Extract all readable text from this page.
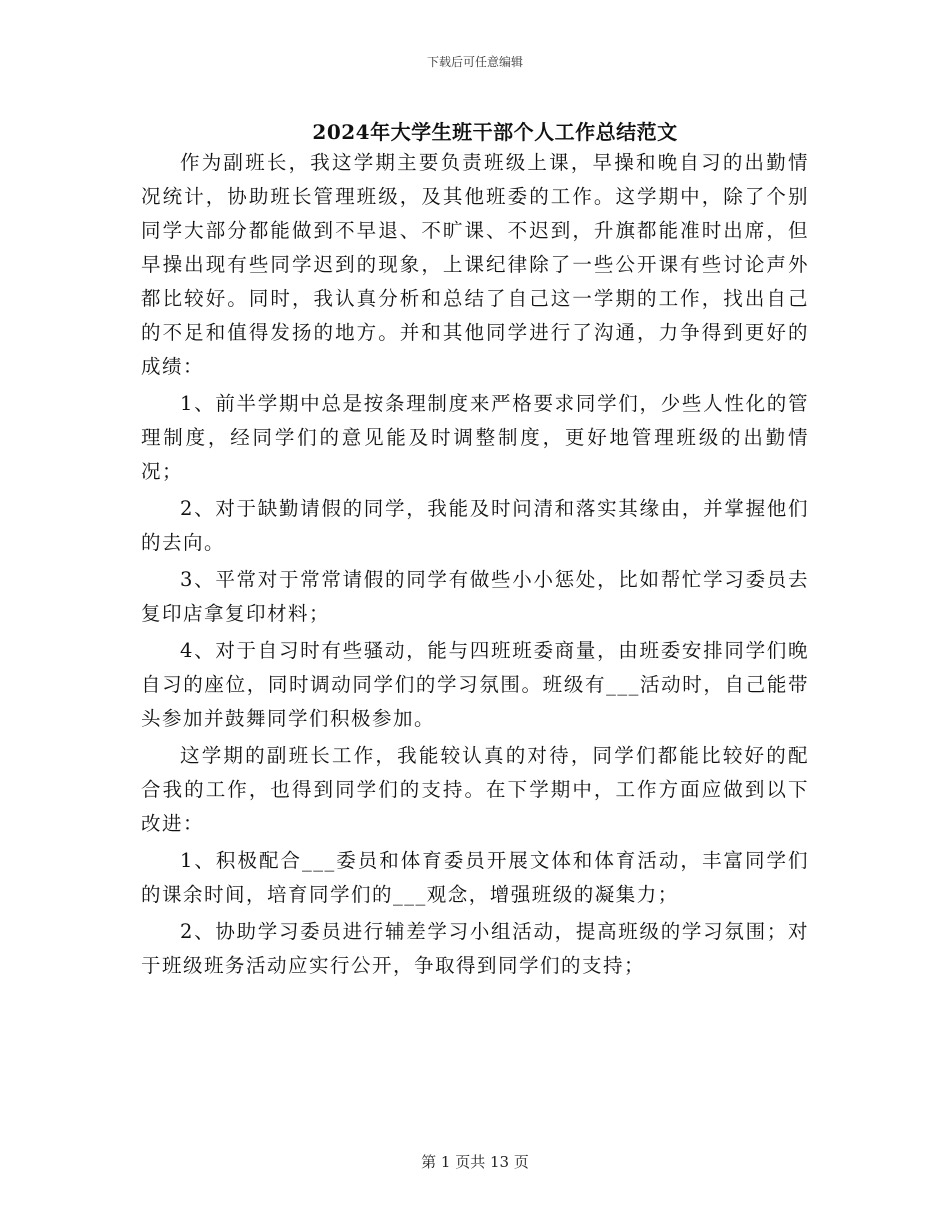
下载后可任意编辑
2024年大学生班干部个人工作总结范文

作为副班长，我这学期主要负责班级上课，早操和晚自习的出勤情况统计，协助班长管理班级，及其他班委的工作。这学期中，除了个别同学大部分都能做到不早退、不旷课、不迟到，升旗都能准时出席，但早操出现有些同学迟到的现象，上课纪律除了一些公开课有些讨论声外都比较好。同时，我认真分析和总结了自己这一学期的工作，找出自己的不足和值得发扬的地方。并和其他同学进行了沟通，力争得到更好的成绩：

1、前半学期中总是按条理制度来严格要求同学们，少些人性化的管理制度，经同学们的意见能及时调整制度，更好地管理班级的出勤情况；

2、对于缺勤请假的同学，我能及时问清和落实其缘由，并掌握他们的去向。

3、平常对于常常请假的同学有做些小小惩处，比如帮忙学习委员去复印店拿复印材料；

4、对于自习时有些骚动，能与四班班委商量，由班委安排同学们晚自习的座位，同时调动同学们的学习氛围。班级有___活动时，自己能带头参加并鼓舞同学们积极参加。

这学期的副班长工作，我能较认真的对待，同学们都能比较好的配合我的工作，也得到同学们的支持。在下学期中，工作方面应做到以下改进：

1、积极配合___委员和体育委员开展文体和体育活动，丰富同学们的课余时间，培育同学们的___观念，增强班级的凝集力；

2、协助学习委员进行辅差学习小组活动，提高班级的学习氛围；对于班级班务活动应实行公开，争取得到同学们的支持；

第 1 页共 13 页
